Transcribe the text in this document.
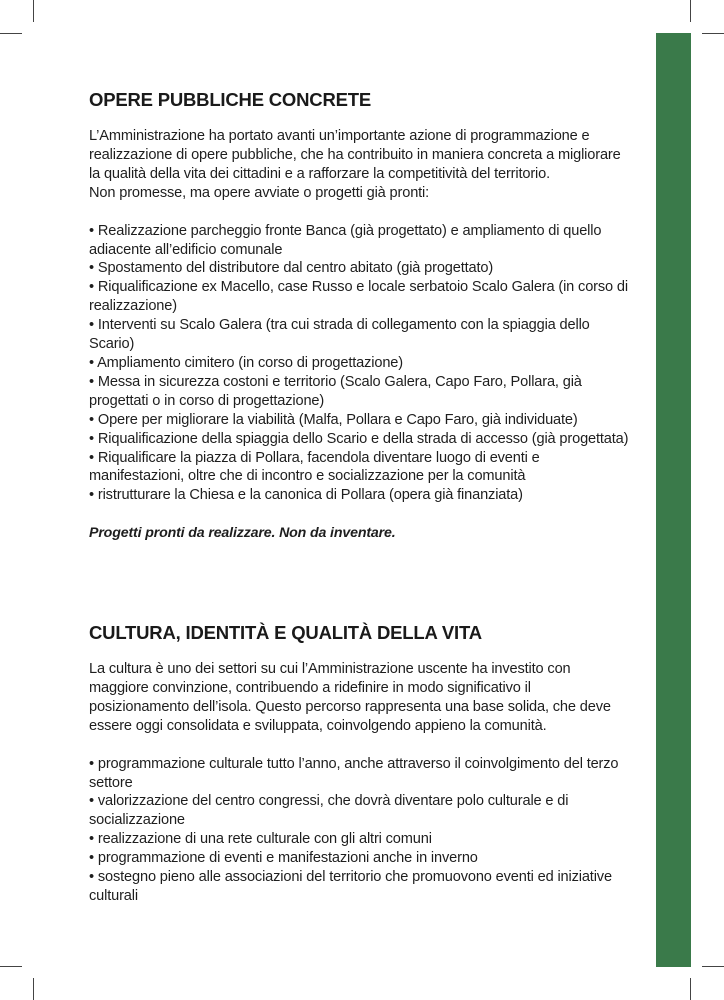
OPERE PUBBLICHE CONCRETE

L’Amministrazione ha portato avanti un’importante azione di programmazione e realizzazione di opere pubbliche, che ha contribuito in maniera concreta a migliorare la qualità della vita dei cittadini e a rafforzare la competitività del territorio.

Non promesse, ma opere avviate o progetti già pronti:

• Realizzazione parcheggio fronte Banca (già progettato) e ampliamento di quello adiacente all’edificio comunale
• Spostamento del distributore dal centro abitato (già progettato)
• Riqualificazione ex Macello, case Russo e locale serbatoio Scalo Galera (in corso di realizzazione)
• Interventi su Scalo Galera (tra cui strada di collegamento con la spiaggia dello Scario)
• Ampliamento cimitero (in corso di progettazione)
• Messa in sicurezza costoni e territorio (Scalo Galera, Capo Faro, Pollara, già progettati o in corso di progettazione)
• Opere per migliorare la viabilità (Malfa, Pollara e Capo Faro, già individuate)
• Riqualificazione della spiaggia dello Scario e della strada di accesso (già progettata)
• Riqualificare la piazza di Pollara, facendola diventare luogo di eventi e manifestazioni, oltre che di incontro e socializzazione per la comunità
• ristrutturare la Chiesa e la canonica di Pollara (opera già finanziata)

Progetti pronti da realizzare. Non da inventare.

CULTURA, IDENTITÀ E QUALITÀ DELLA VITA

La cultura è uno dei settori su cui l’Amministrazione uscente ha investito con maggiore convinzione, contribuendo a ridefinire in modo significativo il posizionamento dell’isola. Questo percorso rappresenta una base solida, che deve essere oggi consolidata e sviluppata, coinvolgendo appieno la comunità.

• programmazione culturale tutto l’anno, anche attraverso il coinvolgimento del terzo settore
• valorizzazione del centro congressi, che dovrà diventare polo culturale e di socializzazione
• realizzazione di una rete culturale con gli altri comuni
• programmazione di eventi e manifestazioni anche in inverno
• sostegno pieno alle associazioni del territorio che promuovono eventi ed iniziative culturali
